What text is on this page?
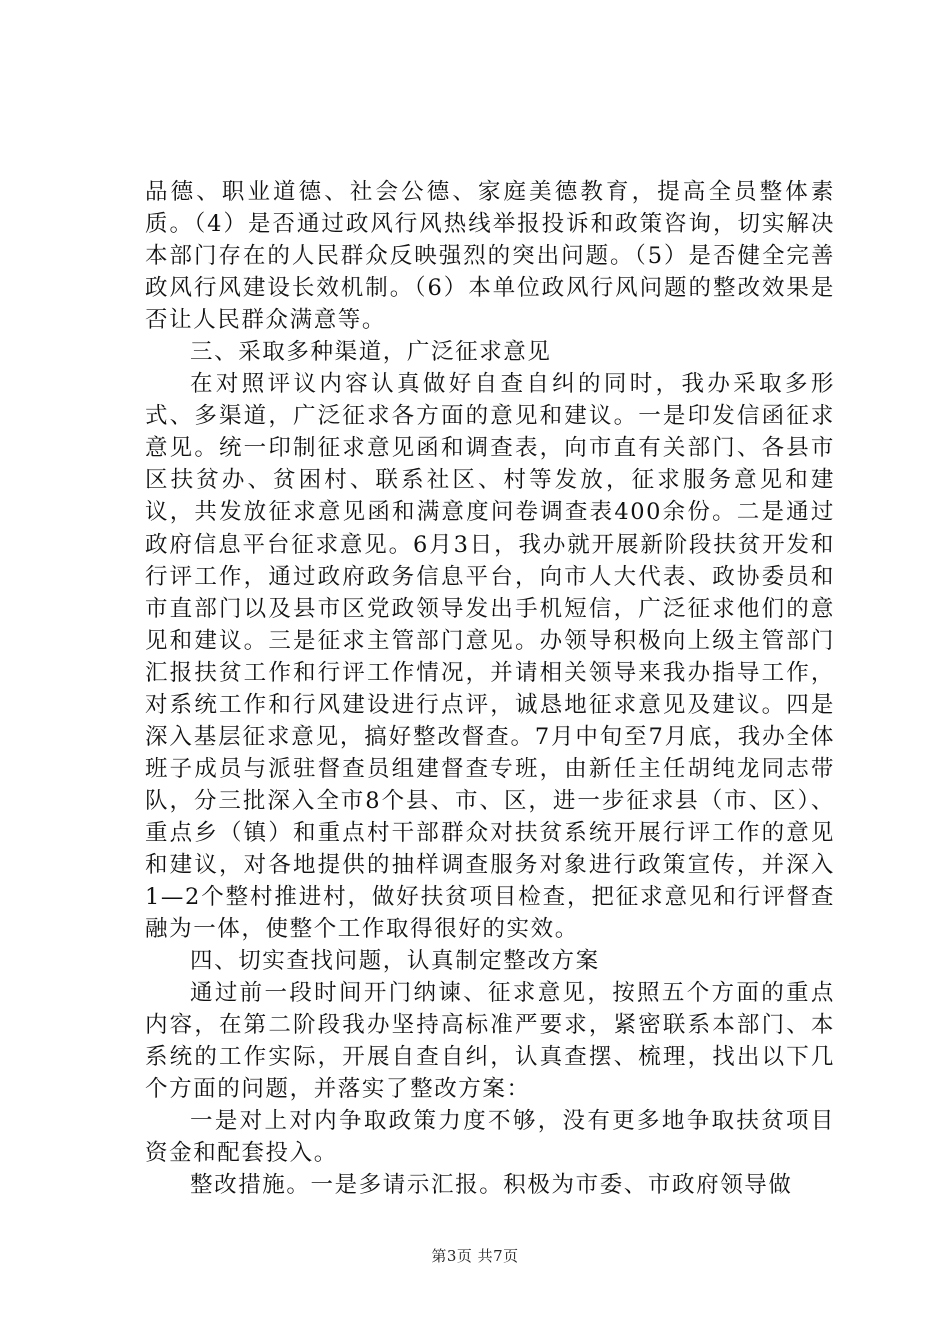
品德、职业道德、社会公德、家庭美德教育，提高全员整体素质。（4）是否通过政风行风热线举报投诉和政策咨询，切实解决本部门存在的人民群众反映强烈的突出问题。（5）是否健全完善政风行风建设长效机制。（6）本单位政风行风问题的整改效果是否让人民群众满意等。

三、采取多种渠道，广泛征求意见

在对照评议内容认真做好自查自纠的同时，我办采取多形式、多渠道，广泛征求各方面的意见和建议。一是印发信函征求意见。统一印制征求意见函和调查表，向市直有关部门、各县市区扶贫办、贫困村、联系社区、村等发放，征求服务意见和建议，共发放征求意见函和满意度问卷调查表400余份。二是通过政府信息平台征求意见。6月3日，我办就开展新阶段扶贫开发和行评工作，通过政府政务信息平台，向市人大代表、政协委员和市直部门以及县市区党政领导发出手机短信，广泛征求他们的意见和建议。三是征求主管部门意见。办领导积极向上级主管部门汇报扶贫工作和行评工作情况，并请相关领导来我办指导工作，对系统工作和行风建设进行点评，诚恳地征求意见及建议。四是深入基层征求意见，搞好整改督查。7月中旬至7月底，我办全体班子成员与派驻督查员组建督查专班，由新任主任胡纯龙同志带队，分三批深入全市8个县、市、区，进一步征求县（市、区）、重点乡（镇）和重点村干部群众对扶贫系统开展行评工作的意见和建议，对各地提供的抽样调查服务对象进行政策宣传，并深入1—2个整村推进村，做好扶贫项目检查，把征求意见和行评督查融为一体，使整个工作取得很好的实效。

四、切实查找问题，认真制定整改方案

通过前一段时间开门纳谏、征求意见，按照五个方面的重点内容，在第二阶段我办坚持高标准严要求，紧密联系本部门、本系统的工作实际，开展自查自纠，认真查摆、梳理，找出以下几个方面的问题，并落实了整改方案：

一是对上对内争取政策力度不够，没有更多地争取扶贫项目资金和配套投入。

整改措施。一是多请示汇报。积极为市委、市政府领导做

第3页 共7页
